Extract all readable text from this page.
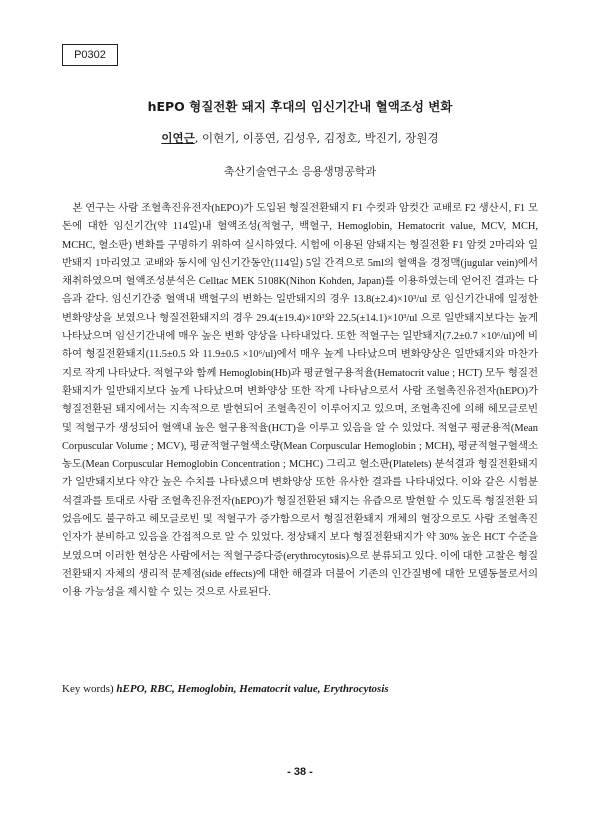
P0302
hEPO 형질전환 돼지 후대의 임신기간내 혈액조성 변화
이연근, 이현기, 이풍연, 김성우, 김정호, 박진기, 장원경
축산기술연구소 응용생명공학과

본 연구는 사람 조혈촉진유전자(hEPO)가 도입된 형질전환돼지 F1 수컷과 암컷간 교배로 F2 생산시, F1 모돈에 대한 임신기간(약 114일)내 혈액조성(적혈구, 백혈구, Hemoglobin, Hematocrit value, MCV, MCH, MCHC, 혈소판) 변화를 구명하기 위하여 실시하였다. 시험에 이용된 암돼지는 형질전환 F1 암컷 2마리와 일반돼지 1마리였고 교배와 동시에 임신기간동안(114일) 5일 간격으로 5ml의 혈액을 경정맥(jugular vein)에서 채취하였으며 혈액조성분석은 Celltac MEK 5108K(Nihon Kohden, Japan)를 이용하였는데 얻어진 결과는 다음과 같다. 임신기간중 혈액내 백혈구의 변화는 일반돼지의 경우 13.8(±2.4)×10³/ul 로 임신기간내에 일정한 변화양상을 보였으나 형질전환돼지의 경우 29.4(±19.4)×10³와 22.5(±14.1)×10³/ul 으로 일반돼지보다는 높게 나타났으며 임신기간내에 매우 높은 변화 양상을 나타내었다. 또한 적혈구는 일반돼지(7.2±0.7 ×10⁶/ul)에 비하여 형질전환돼지(11.5±0.5 와 11.9±0.5 ×10⁶/ul)에서 매우 높게 나타났으며 변화양상은 일반돼지와 마찬가지로 작게 나타났다. 적혈구와 함께 Hemoglobin(Hb)과 평균혈구용적율(Hematocrit value ; HCT) 모두 형질전환돼지가 일반돼지보다 높게 나타났으며 변화양상 또한 작게 나타남으로서 사람 조혈촉진유전자(hEPO)가 형질전환된 돼지에서는 지속적으로 발현되어 조혈촉진이 이루어지고 있으며, 조혈촉진에 의해 헤모글로빈 및 적혈구가 생성되어 혈액내 높은 혈구용적율(HCT)을 이루고 있음을 알 수 있었다. 적혈구 평균용적(Mean Corpuscular Volume ; MCV), 평균적혈구혈색소량(Mean Corpuscular Hemoglobin ; MCH), 평균적혈구혈색소농도(Mean Corpuscular Hemoglobin Concentration ; MCHC) 그리고 혈소판(Platelets) 분석결과 형질전환돼지가 일반돼지보다 약간 높은 수치를 나타냈으며 변화양상 또한 유사한 결과를 나타내었다. 이와 같은 시험분석결과를 토대로 사람 조혈촉진유전자(hEPO)가 형질전환된 돼지는 유즙으로 발현할 수 있도록 형질전환 되었음에도 불구하고 헤모글로빈 및 적혈구가 증가함으로서 형질전환돼지 개체의 혈장으로도 사람 조혈촉진인자가 분비하고 있음을 간접적으로 알 수 있었다. 정상돼지 보다 형질전환돼지가 약 30% 높은 HCT 수준을 보였으며 이러한 현상은 사람에서는 적혈구증다증(erythrocytosis)으로 분류되고 있다. 이에 대한 고찰은 형질전환돼지 자체의 생리적 문제점(side effects)에 대한 해결과 더불어 기존의 인간질병에 대한 모델동물로서의 이용 가능성을 제시할 수 있는 것으로 사료된다.

Key words) hEPO, RBC, Hemoglobin, Hematocrit value, Erythrocytosis
- 38 -
